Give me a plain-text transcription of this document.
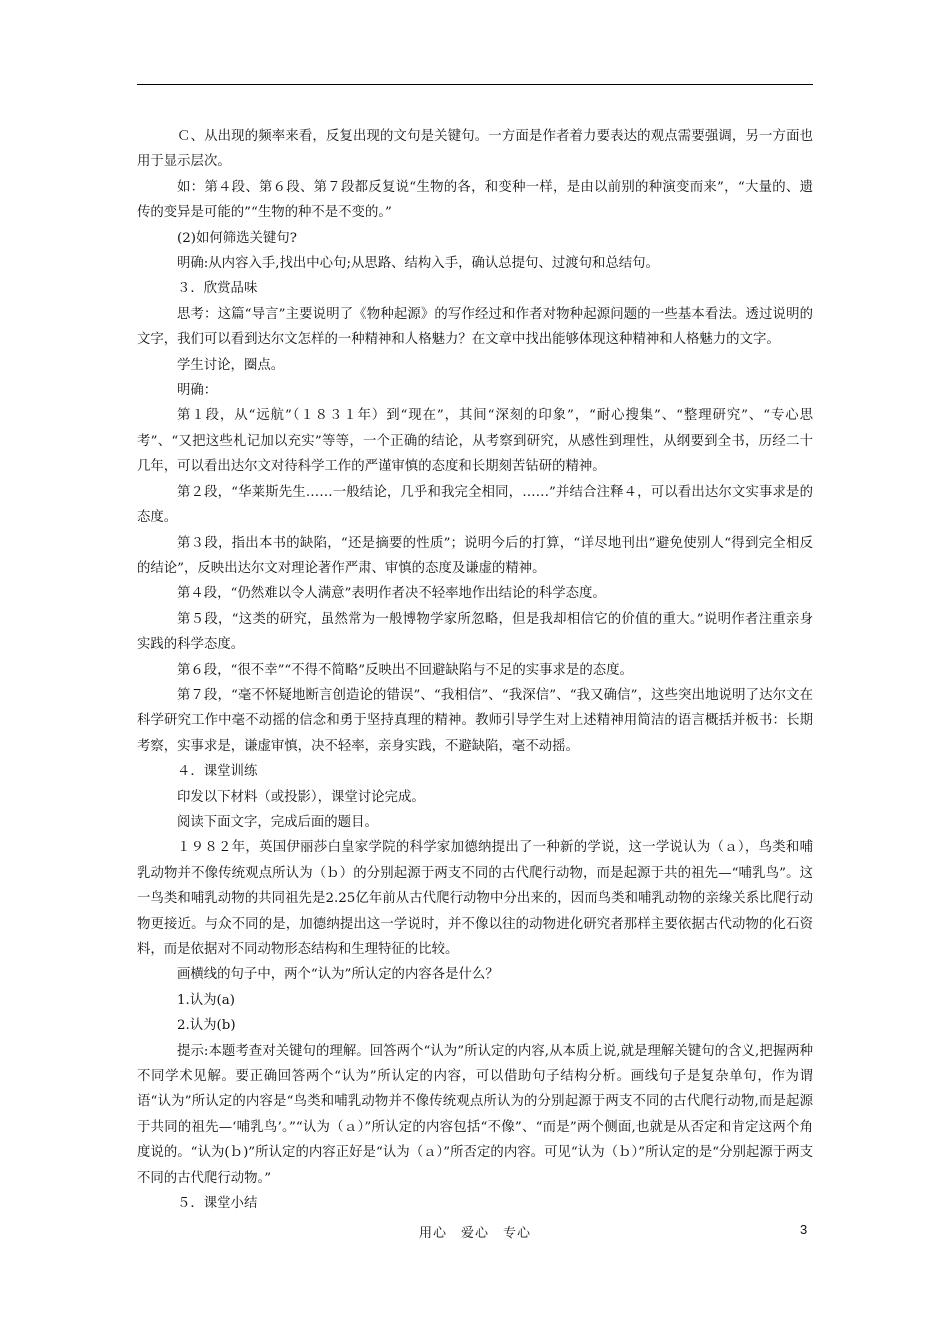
Ｃ、从出现的频率来看，反复出现的文句是关键句。一方面是作者着力要表达的观点需要强调，另一方面也用于显示层次。

如：第４段、第６段、第７段都反复说“生物的各，和变种一样，是由以前别的种演变而来”，“大量的、遗传的变异是可能的”“生物的种不是不变的。”

(2)如何筛选关键句?

明确:从内容入手,找出中心句;从思路、结构入手，确认总提句、过渡句和总结句。

３．欣赏品味

思考：这篇“导言”主要说明了《物种起源》的写作经过和作者对物种起源问题的一些基本看法。透过说明的文字，我们可以看到达尔文怎样的一种精神和人格魅力？在文章中找出能够体现这种精神和人格魅力的文字。

学生讨论，圈点。

明确：

第１段，从“远航”（１８３１年）到“现在”，其间“深刻的印象”，“耐心搜集”、“整理研究”、“专心思考”、“又把这些札记加以充实”等等，一个正确的结论，从考察到研究，从感性到理性，从纲要到全书，历经二十几年，可以看出达尔文对待科学工作的严谨审慎的态度和长期刻苦钻研的精神。

第２段，“华莱斯先生……一般结论，几乎和我完全相同，……”并结合注释４，可以看出达尔文实事求是的态度。

第３段，指出本书的缺陷，“还是摘要的性质”；说明今后的打算，“详尽地刊出”避免使别人“得到完全相反的结论”，反映出达尔文对理论著作严肃、审慎的态度及谦虚的精神。

第４段，“仍然难以令人满意”表明作者决不轻率地作出结论的科学态度。

第５段，“这类的研究，虽然常为一般博物学家所忽略，但是我却相信它的价值的重大。”说明作者注重亲身实践的科学态度。

第６段，“很不幸”“不得不简略”反映出不回避缺陷与不足的实事求是的态度。

第７段，“毫不怀疑地断言创造论的错误”、“我相信”、“我深信”、“我又确信”，这些突出地说明了达尔文在科学研究工作中毫不动摇的信念和勇于坚持真理的精神。教师引导学生对上述精神用简洁的语言概括并板书：长期考察，实事求是，谦虚审慎，决不轻率，亲身实践，不避缺陷，毫不动摇。

４．课堂训练

印发以下材料（或投影），课堂讨论完成。

阅读下面文字，完成后面的题目。

１９８２年，英国伊丽莎白皇家学院的科学家加德纳提出了一种新的学说，这一学说认为（ａ），鸟类和哺乳动物并不像传统观点所认为（ｂ）的分别起源于两支不同的古代爬行动物，而是起源于共的祖先—“哺乳鸟”。这一鸟类和哺乳动物的共同祖先是2.25亿年前从古代爬行动物中分出来的，因而鸟类和哺乳动物的亲缘关系比爬行动物更接近。与众不同的是，加德纳提出这一学说时，并不像以往的动物进化研究者那样主要依据古代动物的化石资料，而是依据对不同动物形态结构和生理特征的比较。

画横线的句子中，两个“认为”所认定的内容各是什么？

1.认为(a)

2.认为(b)

提示:本题考查对关键句的理解。回答两个“认为”所认定的内容,从本质上说,就是理解关键句的含义,把握两种不同学术见解。要正确回答两个“认为”所认定的内容，可以借助句子结构分析。画线句子是复杂单句，作为谓语“认为”所认定的内容是“鸟类和哺乳动物并不像传统观点所认为的分别起源于两支不同的古代爬行动物,而是起源于共同的祖先—‘哺乳鸟’。”“认为（ａ）”所认定的内容包括“不像”、“而是”两个侧面,也就是从否定和肯定这两个角度说的。“认为(ｂ)”所认定的内容正好是“认为（ａ）”所否定的内容。可见“认为（ｂ）”所认定的是“分别起源于两支不同的古代爬行动物。”

５．课堂小结

用心　爱心　专心	3
